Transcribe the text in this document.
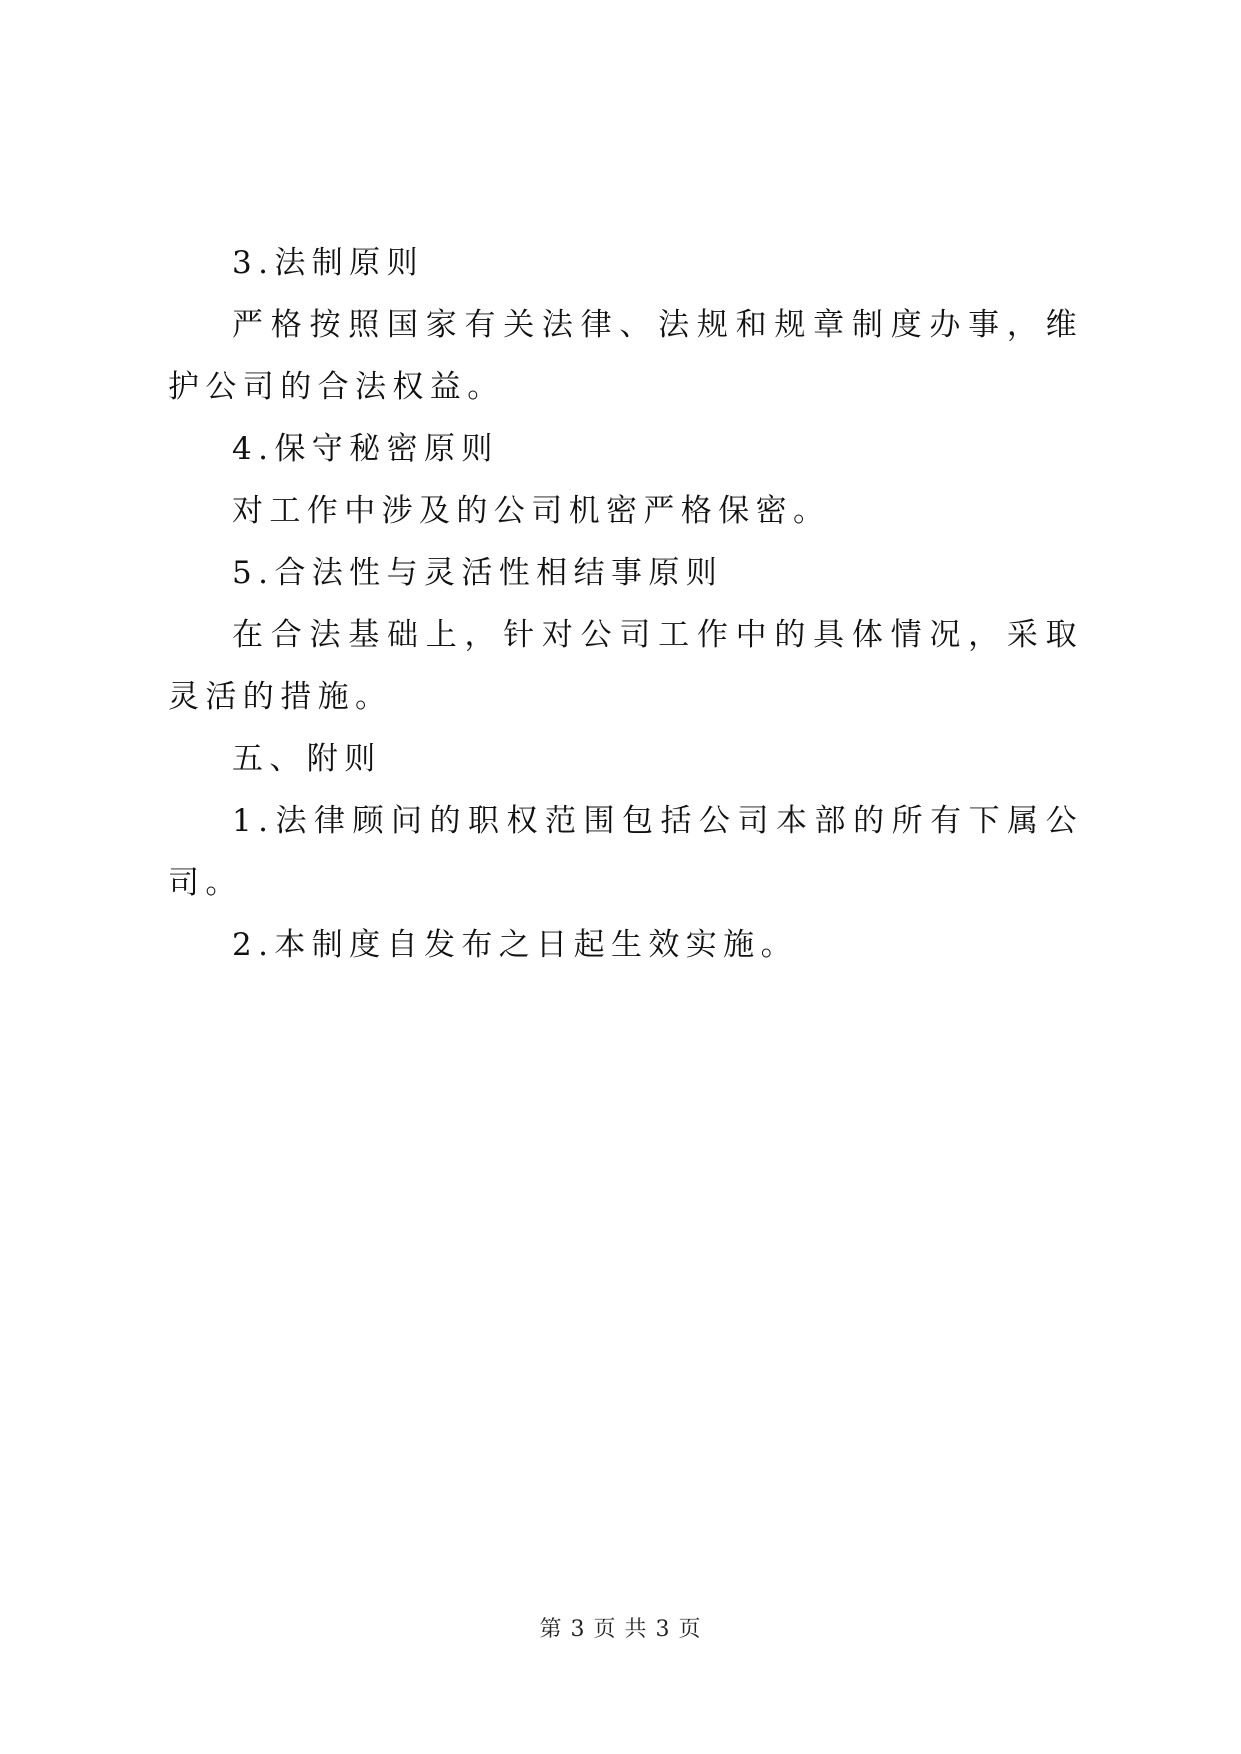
3.法制原则

严格按照国家有关法律、法规和规章制度办事，维护公司的合法权益。

4.保守秘密原则

对工作中涉及的公司机密严格保密。

5.合法性与灵活性相结事原则

在合法基础上，针对公司工作中的具体情况，采取灵活的措施。

五、附则

1.法律顾问的职权范围包括公司本部的所有下属公司。

2.本制度自发布之日起生效实施。

第 3 页 共 3 页
